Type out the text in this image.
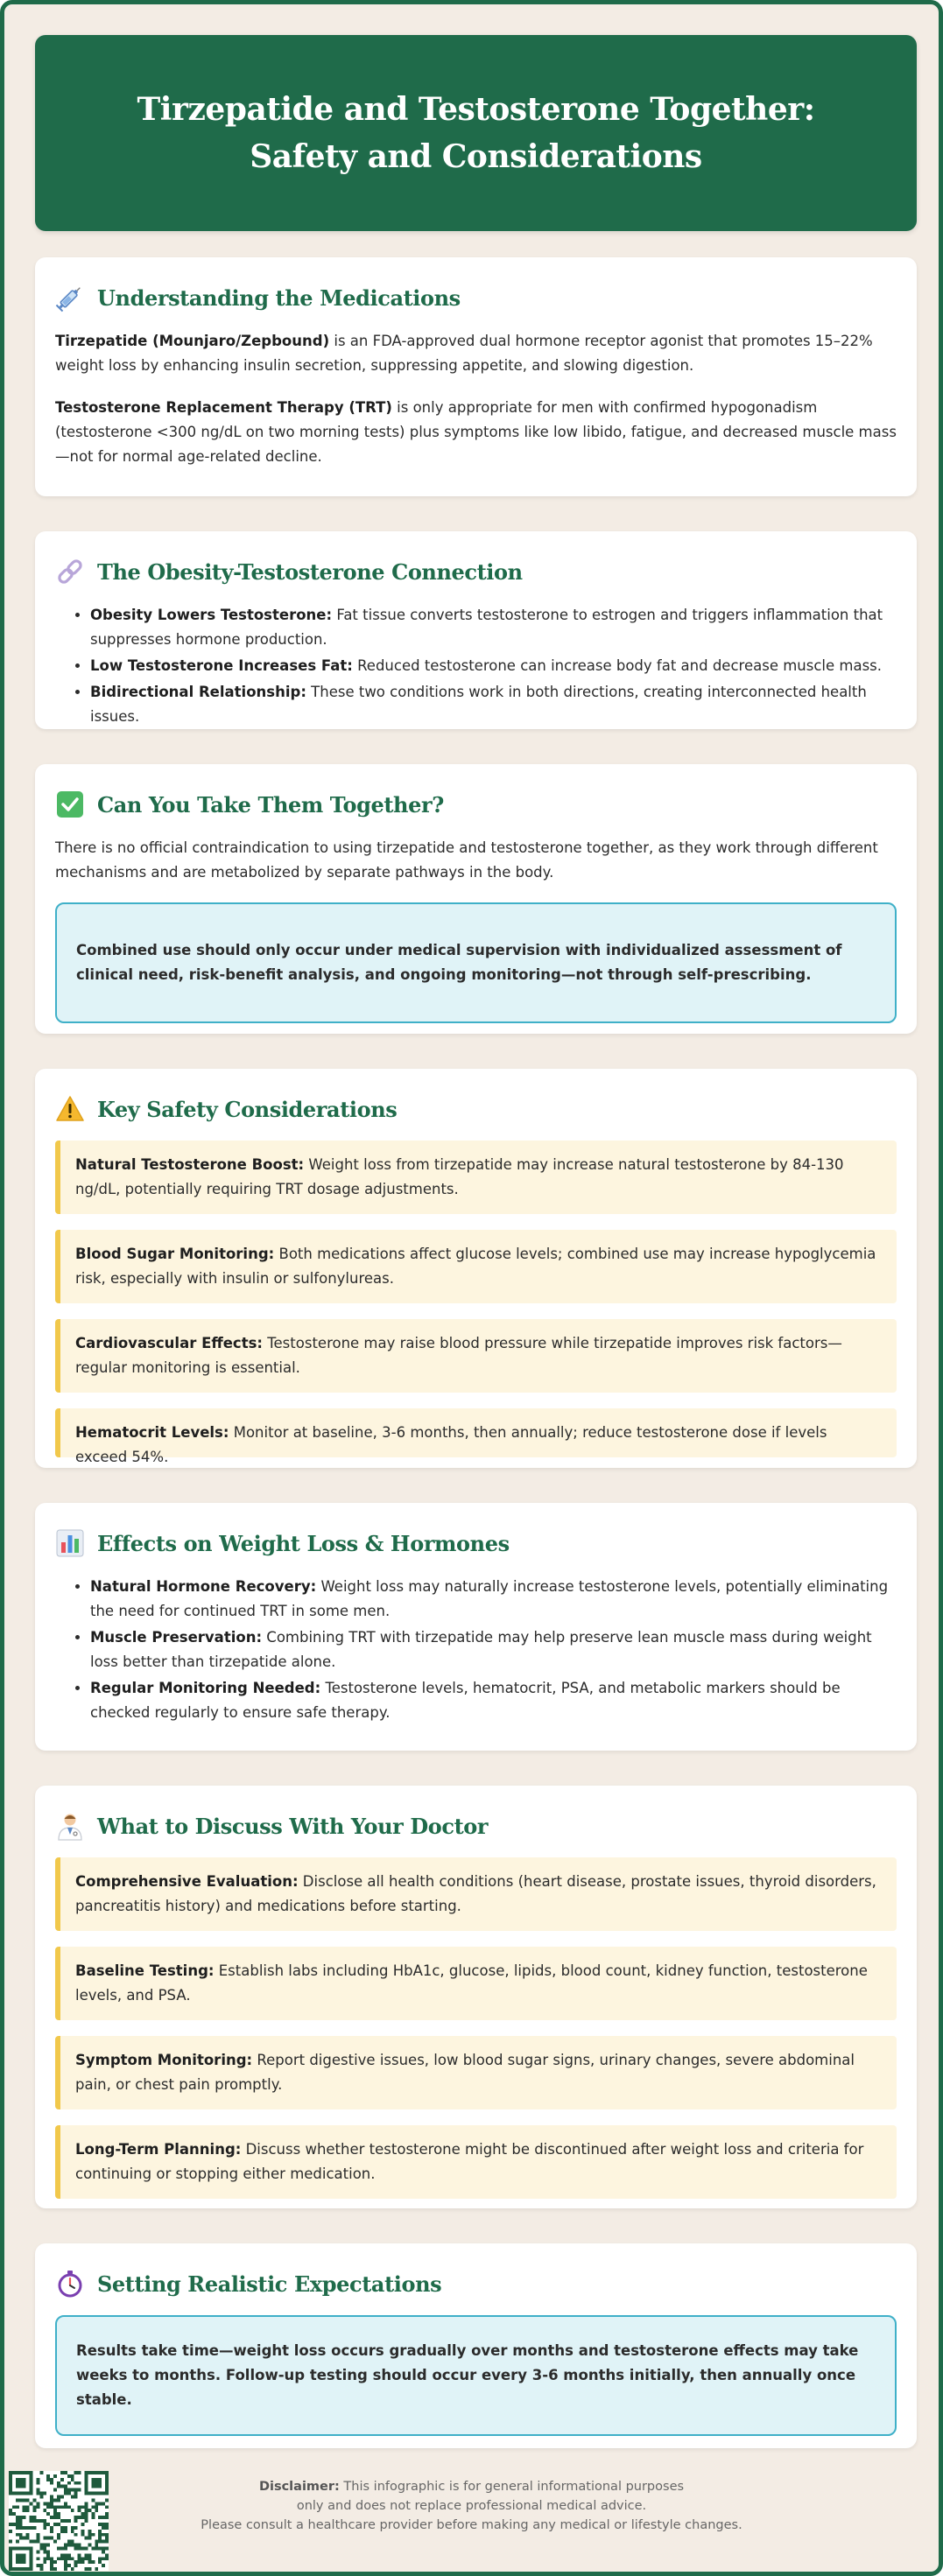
Tirzepatide and Testosterone Together: Safety and Considerations
Understanding the Medications

Tirzepatide (Mounjaro/Zepbound) is an FDA-approved dual hormone receptor agonist that promotes 15–22% weight loss by enhancing insulin secretion, suppressing appetite, and slowing digestion.

Testosterone Replacement Therapy (TRT) is only appropriate for men with confirmed hypogonadism (testosterone <300 ng/dL on two morning tests) plus symptoms like low libido, fatigue, and decreased muscle mass—not for normal age-related decline.

The Obesity-Testosterone Connection
• Obesity Lowers Testosterone: Fat tissue converts testosterone to estrogen and triggers inflammation that suppresses hormone production.
• Low Testosterone Increases Fat: Reduced testosterone can increase body fat and decrease muscle mass.
• Bidirectional Relationship: These two conditions work in both directions, creating interconnected health issues.
Can You Take Them Together?

There is no official contraindication to using tirzepatide and testosterone together, as they work through different mechanisms and are metabolized by separate pathways in the body.

Combined use should only occur under medical supervision with individualized assessment of clinical need, risk-benefit analysis, and ongoing monitoring—not through self-prescribing.
Key Safety Considerations
Natural Testosterone Boost: Weight loss from tirzepatide may increase natural testosterone by 84-130 ng/dL, potentially requiring TRT dosage adjustments.
Blood Sugar Monitoring: Both medications affect glucose levels; combined use may increase hypoglycemia risk, especially with insulin or sulfonylureas.
Cardiovascular Effects: Testosterone may raise blood pressure while tirzepatide improves risk factors—regular monitoring is essential.
Hematocrit Levels: Monitor at baseline, 3-6 months, then annually; reduce testosterone dose if levels exceed 54%.
Effects on Weight Loss & Hormones
• Natural Hormone Recovery: Weight loss may naturally increase testosterone levels, potentially eliminating the need for continued TRT in some men.
• Muscle Preservation: Combining TRT with tirzepatide may help preserve lean muscle mass during weight loss better than tirzepatide alone.
• Regular Monitoring Needed: Testosterone levels, hematocrit, PSA, and metabolic markers should be checked regularly to ensure safe therapy.
What to Discuss With Your Doctor
Comprehensive Evaluation: Disclose all health conditions (heart disease, prostate issues, thyroid disorders, pancreatitis history) and medications before starting.
Baseline Testing: Establish labs including HbA1c, glucose, lipids, blood count, kidney function, testosterone levels, and PSA.
Symptom Monitoring: Report digestive issues, low blood sugar signs, urinary changes, severe abdominal pain, or chest pain promptly.
Long-Term Planning: Discuss whether testosterone might be discontinued after weight loss and criteria for continuing or stopping either medication.
Setting Realistic Expectations
Results take time—weight loss occurs gradually over months and testosterone effects may take weeks to months. Follow-up testing should occur every 3-6 months initially, then annually once stable.
Disclaimer: This infographic is for general informational purposes
only and does not replace professional medical advice.
Please consult a healthcare provider before making any medical or lifestyle changes.
